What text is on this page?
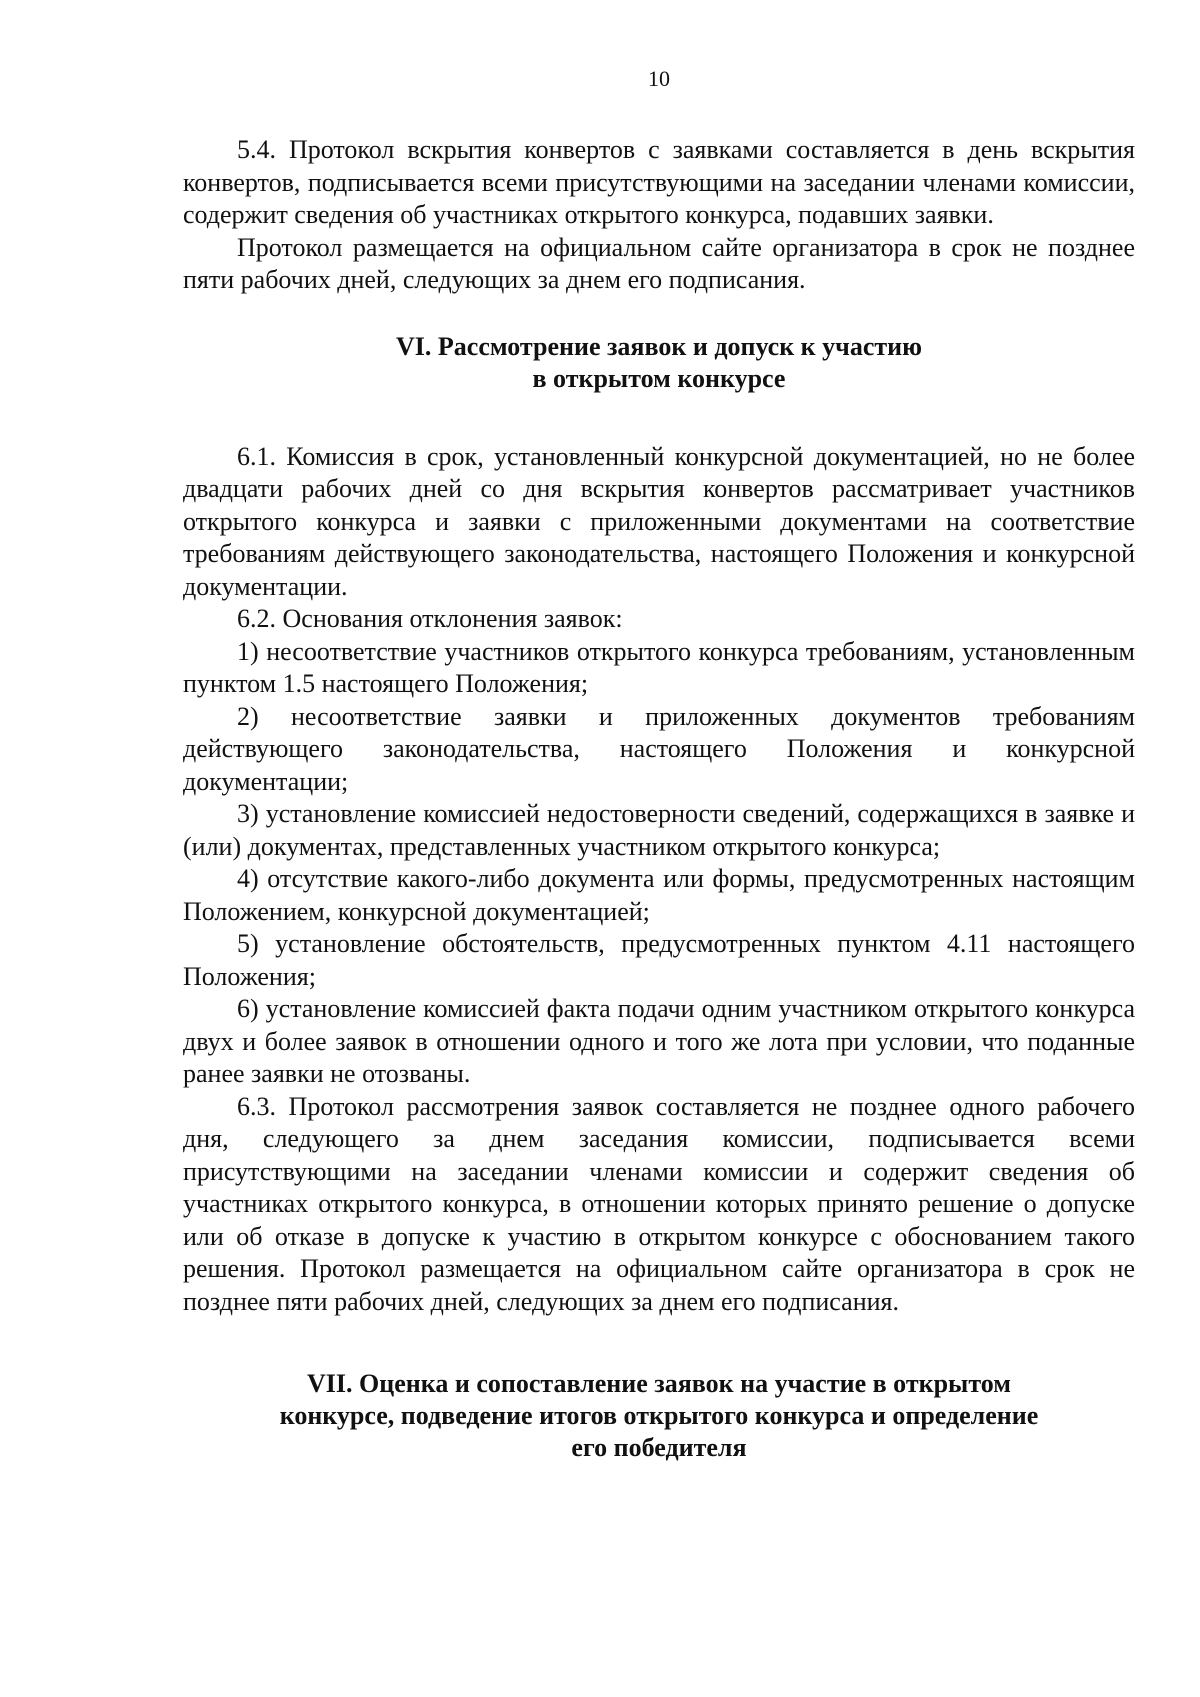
10

5.4. Протокол вскрытия конвертов с заявками составляется в день вскрытия конвертов, подписывается всеми присутствующими на заседании членами комиссии, содержит сведения об участниках открытого конкурса, подавших заявки.

Протокол размещается на официальном сайте организатора в срок не позднее пяти рабочих дней, следующих за днем его подписания.

VI. Рассмотрение заявок и допуск к участию
в открытом конкурсе

6.1. Комиссия в срок, установленный конкурсной документацией, но не более двадцати рабочих дней со дня вскрытия конвертов рассматривает участников открытого конкурса и заявки с приложенными документами на соответствие требованиям действующего законодательства, настоящего Положения и конкурсной документации.

6.2. Основания отклонения заявок:

1) несоответствие участников открытого конкурса требованиям, установленным пунктом 1.5 настоящего Положения;

2) несоответствие заявки и приложенных документов требованиям действующего законодательства, настоящего Положения и конкурсной документации;

3) установление комиссией недостоверности сведений, содержащихся в заявке и (или) документах, представленных участником открытого конкурса;

4) отсутствие какого-либо документа или формы, предусмотренных настоящим Положением, конкурсной документацией;

5) установление обстоятельств, предусмотренных пунктом 4.11 настоящего Положения;

6) установление комиссией факта подачи одним участником открытого конкурса двух и более заявок в отношении одного и того же лота при условии, что поданные ранее заявки не отозваны.

6.3. Протокол рассмотрения заявок составляется не позднее одного рабочего дня, следующего за днем заседания комиссии, подписывается всеми присутствующими на заседании членами комиссии и содержит сведения об участниках открытого конкурса, в отношении которых принято решение о допуске или об отказе в допуске к участию в открытом конкурсе с обоснованием такого решения. Протокол размещается на официальном сайте организатора в срок не позднее пяти рабочих дней, следующих за днем его подписания.

VII. Оценка и сопоставление заявок на участие в открытом
конкурсе, подведение итогов открытого конкурса и определение
его победителя
